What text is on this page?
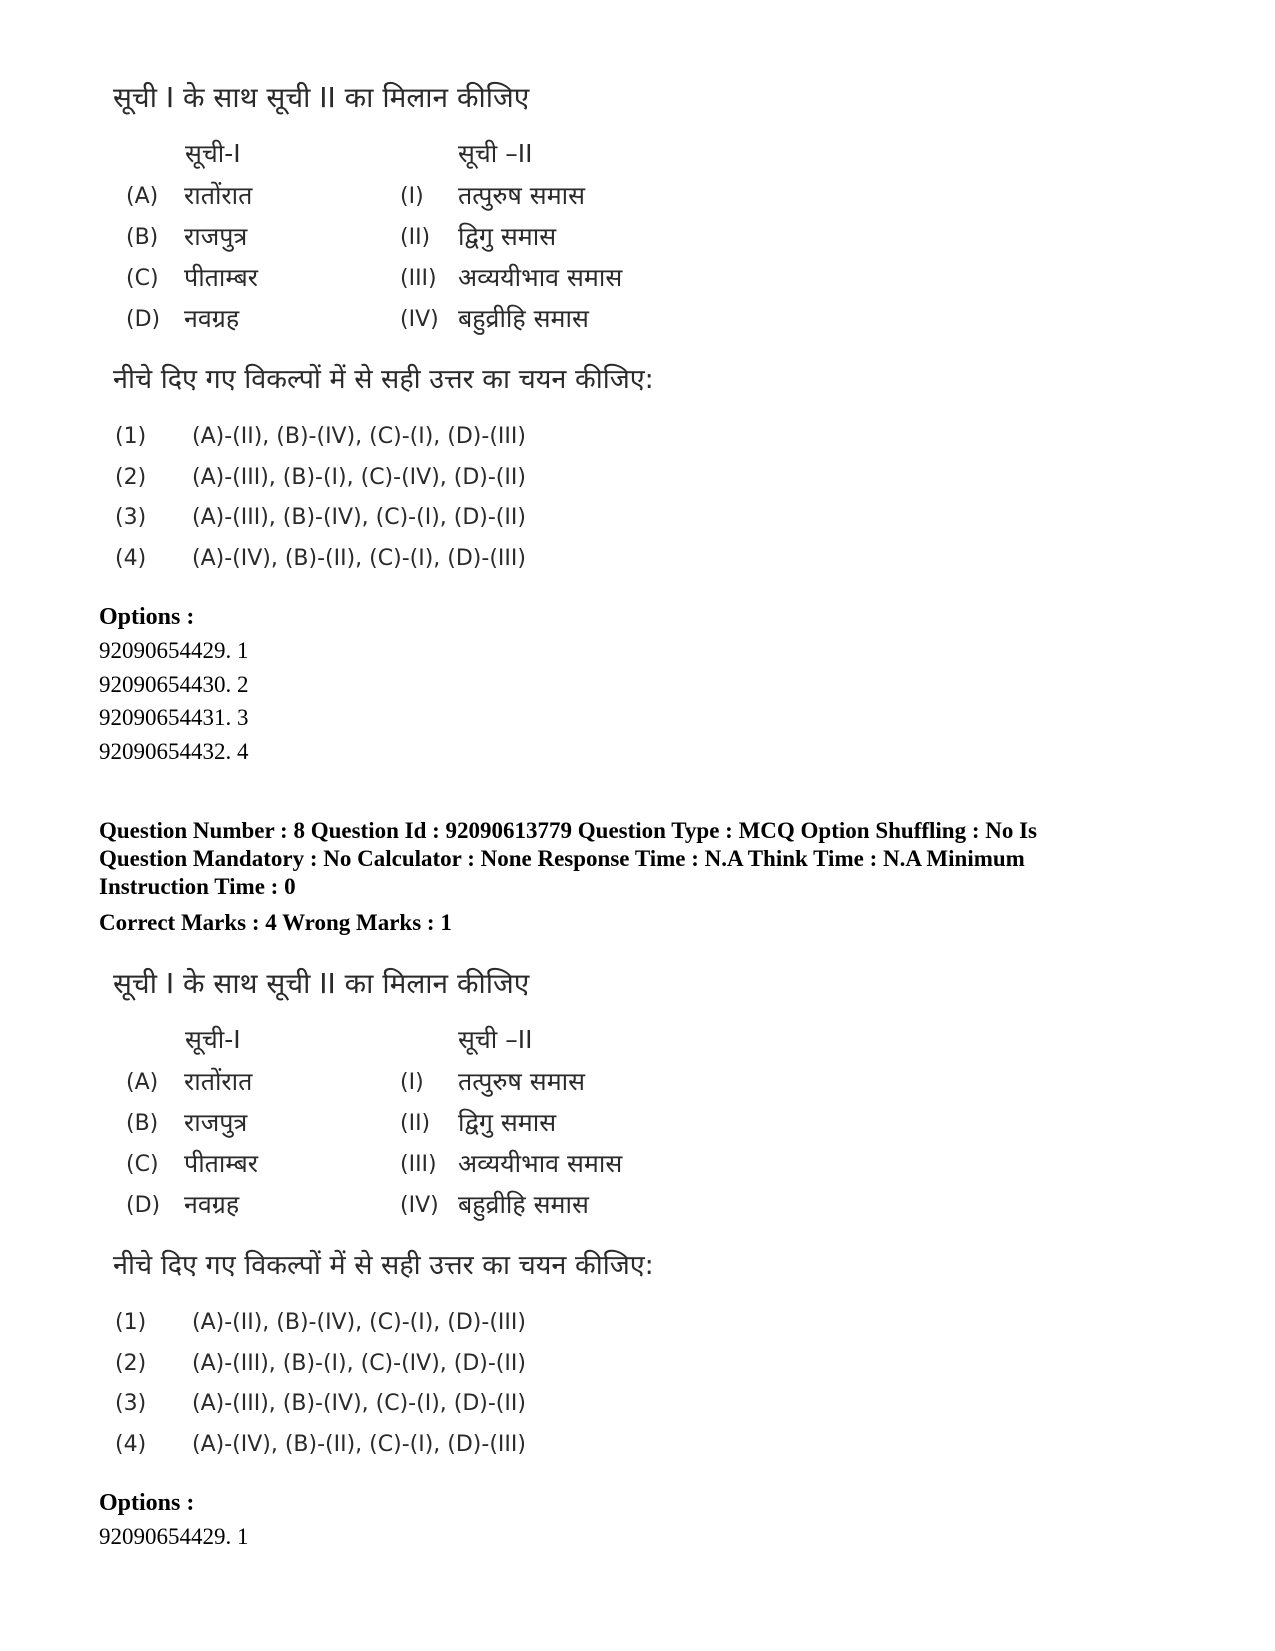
सूची I के साथ सूची II का मिलान कीजिए
सूची-I	सूची –II
(A) रातोंरात	(I) तत्पुरुष समास
(B) राजपुत्र	(II) द्विगु समास
(C) पीताम्बर	(III) अव्ययीभाव समास
(D) नवग्रह	(IV) बहुव्रीहि समास
नीचे दिए गए विकल्पों में से सही उत्तर का चयन कीजिए:
(1) (A)-(II), (B)-(IV), (C)-(I), (D)-(III)
(2) (A)-(III), (B)-(I), (C)-(IV), (D)-(II)
(3) (A)-(III), (B)-(IV), (C)-(I), (D)-(II)
(4) (A)-(IV), (B)-(II), (C)-(I), (D)-(III)
Options :
92090654429. 1
92090654430. 2
92090654431. 3
92090654432. 4
Question Number : 8 Question Id : 92090613779 Question Type : MCQ Option Shuffling : No Is
Question Mandatory : No Calculator : None Response Time : N.A Think Time : N.A Minimum
Instruction Time : 0
Correct Marks : 4 Wrong Marks : 1
सूची I के साथ सूची II का मिलान कीजिए
सूची-I	सूची –II
(A) रातोंरात	(I) तत्पुरुष समास
(B) राजपुत्र	(II) द्विगु समास
(C) पीताम्बर	(III) अव्ययीभाव समास
(D) नवग्रह	(IV) बहुव्रीहि समास
नीचे दिए गए विकल्पों में से सही उत्तर का चयन कीजिए:
(1) (A)-(II), (B)-(IV), (C)-(I), (D)-(III)
(2) (A)-(III), (B)-(I), (C)-(IV), (D)-(II)
(3) (A)-(III), (B)-(IV), (C)-(I), (D)-(II)
(4) (A)-(IV), (B)-(II), (C)-(I), (D)-(III)
Options :
92090654429. 1
